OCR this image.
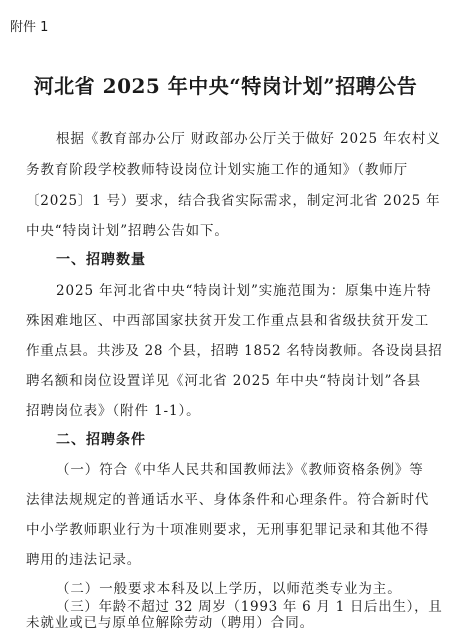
附件 1
河北省 2025 年中央“特岗计划”招聘公告
根据《教育部办公厅 财政部办公厅关于做好 2025 年农村义
务教育阶段学校教师特设岗位计划实施工作的通知》（教师厅
〔2025〕1 号）要求，结合我省实际需求，制定河北省 2025 年
中央“特岗计划”招聘公告如下。
一、招聘数量
2025 年河北省中央“特岗计划”实施范围为：原集中连片特
殊困难地区、中西部国家扶贫开发工作重点县和省级扶贫开发工
作重点县。共涉及 28 个县，招聘 1852 名特岗教师。各设岗县招
聘名额和岗位设置详见《河北省 2025 年中央“特岗计划”各县
招聘岗位表》（附件 1-1）。
二、招聘条件
（一）符合《中华人民共和国教师法》《教师资格条例》等
法律法规规定的普通话水平、身体条件和心理条件。符合新时代
中小学教师职业行为十项准则要求，无刑事犯罪记录和其他不得
聘用的违法记录。
（二）一般要求本科及以上学历，以师范类专业为主。
（三）年龄不超过 32 周岁（1993 年 6 月 1 日后出生），且
未就业或已与原单位解除劳动（聘用）合同。
